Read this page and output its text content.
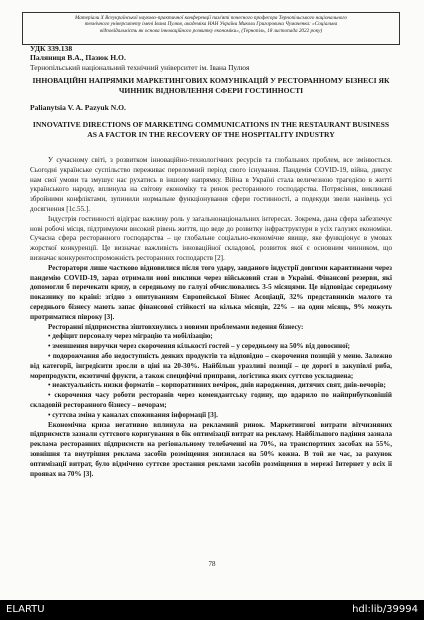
Матеріали X Всеукраїнської науково-практичної конференції пам'яті почесного професора Тернопільського національного

технічного університету імені Івана Пулюя, академіка НАН України Миколи Григоровича Чумаченка: «Соціальна

відповідальність як основа інноваційного розвитку економіки», (Тернопіль, 18 листопада 2022 року)

УДК 339.138
Паляниця В.А., Пазюк Н.О.
Тернопільський національний технічний університет ім. Івана Пулюя
ІННОВАЦІЙНІ НАПРЯМКИ МАРКЕТИНГОВИХ КОМУНІКАЦІЙ У РЕСТОРАННОМУ БІЗНЕСІ ЯК ЧИННИК ВІДНОВЛЕННЯ СФЕРИ ГОСТИННОСТІ
Palianytsia V. A. Pazyuk N.O.
INNOVATIVE DIRECTIONS OF MARKETING COMMUNICATIONS IN THE RESTAURANT BUSINESS AS A FACTOR IN THE RECOVERY OF THE HOSPITALITY INDUSTRY

У сучасному світі, з розвитком інноваційно-технологічних ресурсів та глобальних проблем, все змінюється. Сьогодні українське суспільство переживає переломний період свого існування. Пандемія COVID-19, війна, диктує нам свої умови та змушує нас рухатись в іншому напрямку. Війна в Україні стала величезною трагедією в житті українського народу, вплинула на світову економіку та ринок ресторанного господарства. Потрясіння, викликані збройними конфліктами, зупинили нормальне функціонування сфери гостинності, а подекуди звели нанівець усі досягнення [1c.55.].

Індустрія гостинності відіграє важливу роль у загальнонаціональних інтересах. Зокрема, дана сфера забезпечує нові робочі місця, підтримуючи високий рівень життя, що веде до розвитку інфраструктури в усіх галузях економіки. Сучасна сфера ресторанного господарства – це глобальне соціально-економічне явище, яке функціонує в умовах жорсткої конкуренції. Це визначає важливість інноваційної складової, розвиток якої є основним чинником, що визначає конкурентоспроможність ресторанних господарств [2].

Ресторатори лише частково відновилися після того удару, завданого індустрії довгими карантинами через пандемію COVID-19, зараз отримали нові виклики через військовий стан в Україні. Фінансові резерви, які допомогли б перечекати кризу, в середньому по галузі обчислювались 3-5 місяцями. Це відповідає середньому показнику по країні: згідно з опитуванням Європейської Бізнес Асоціації, 32% представників малого та середнього бізнесу мають запас фінансової стійкості на кілька місяців, 22% – на один місяць, 9% можуть протриматися півроку [3].

Ресторанні підприємства зіштовхнулись з новими проблемами ведення бізнесу:

• дефіцит персоналу через міграцію та мобілізацію;

• зменшення виручки через скорочення кількості гостей – у середньому на 50% від довоєнної;

• подорожчання або недоступність деяких продуктів та відповідно – скорочення позицій у меню. Залежно від категорії, інгредієнти зросли в ціні на 20-30%. Найбільш уразливі позиції – це дорогі в закупівлі риба, морепродукти, екзотичні фрукти, а також специфічні приправи, логістика яких суттєво ускладнена;

• неактуальність низки форматів – корпоративних вечірок, днів народження, дитячих свят, днів-вечорів;

• скорочення часу роботи ресторанів через комендантську годину, що вдарило по найприбутковішій складовій ресторанного бізнесу – вечорам;

• суттєва зміна у каналах споживання інформації [3].

Економічна криза негативно вплинула на рекламний ринок. Маркетингові витрати вітчизняних підприємств зазнали суттєвого коригування в бік оптимізації витрат на рекламу. Найбільшого падіння зазнала реклама ресторанних підприємств на регіональному телебаченні на 70%, на транспортних засобах на 55%, зовнішня та внутрішня реклама засобів розміщення знизилася на 50% кожна. В той же час, за рахунок оптимізації витрат, було відмічено суттєве зростання реклами засобів розміщення в мережі Інтернет у всіх її проявах на 70% [3].

78
ELARTU	hdl:lib/39994
